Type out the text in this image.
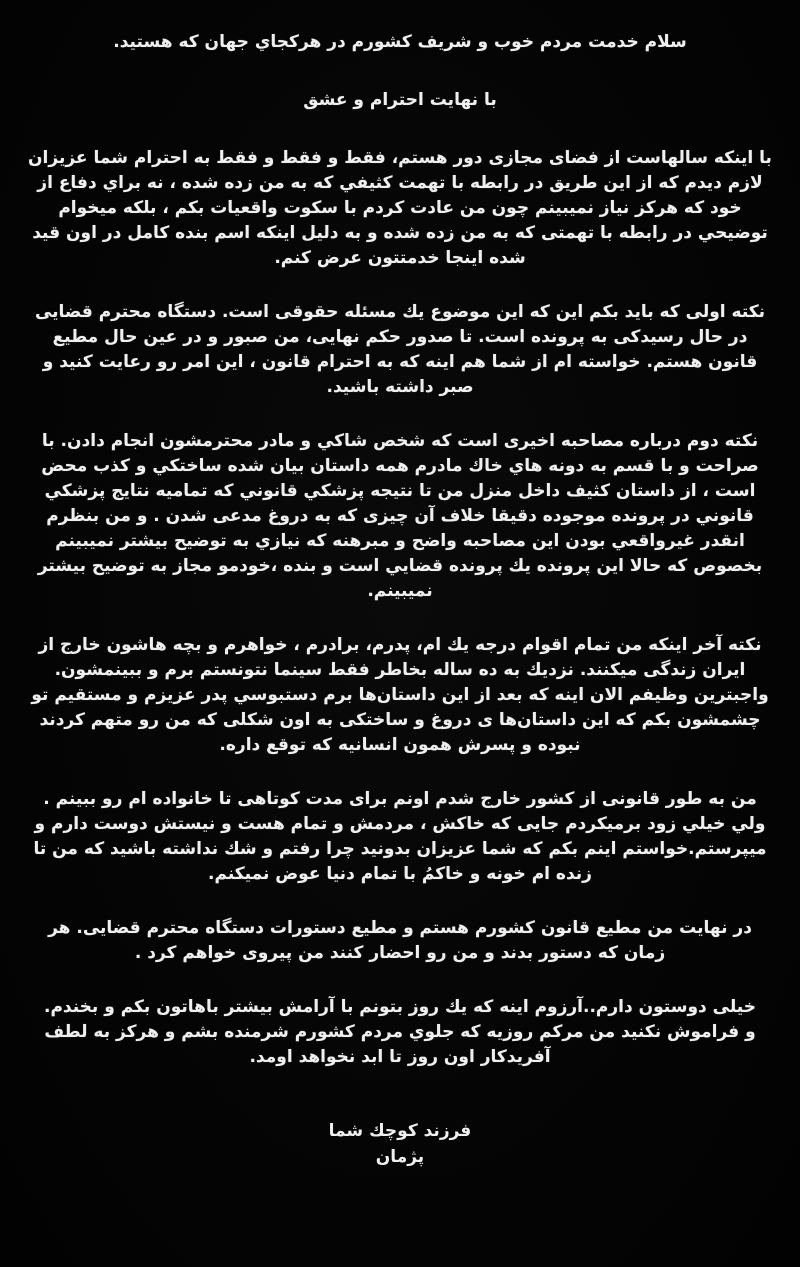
سلام خدمت مردم خوب و شريف كشورم در هركجاي جهان كه هستيد.

با نهايت احترام و عشق

با اينكه سالهاست از فضاى مجازى دور هستم، فقط و فقط و فقط به احترام شما عزيزان لازم ديدم كه از اين طريق در رابطه با تهمت كثيفي كه به من زده شده ، نه براي دفاع از خود كه هركز نياز نميبينم چون من عادت كردم با سكوت واقعيات بكم ، بلكه ميخوام توضيحي در رابطه با تهمتى كه به من زده شده و به دليل اينكه اسم بنده كامل در اون قيد شده اينجا خدمتتون عرض كنم.

نكته اولى كه بايد بكم اين كه اين موضوع يك مسئله حقوقى است. دستگاه محترم قضايى در حال رسيدكى به پرونده است. تا صدور حكم نهايى، من صبور و در عين حال مطيع قانون هستم. خواسته ام از شما هم اينه كه به احترام قانون ، اين امر رو رعايت كنيد و صبر داشته باشيد.

نكته دوم درباره مصاحبه اخيرى است كه شخص شاكي و مادر محترمشون انجام دادن. با صراحت و با قسم به دونه هاي خاك مادرم همه داستان بيان شده ساختكي و كذب محض است ، از داستان كثيف داخل منزل من تا نتيجه پزشكي قانوني كه تماميه نتايج پزشكي قانوني در پرونده موجوده دقيقا خلاف آن چيزى كه به دروغ مدعى شدن . و من بنظرم انقدر غيرواقعي بودن اين مصاحبه واضح و مبرهنه كه نيازي به توضيح بيشتر نميبينم بخصوص كه حالا اين پرونده يك پرونده قضايي است و بنده ،خودمو مجاز به توضيح بيشتر نميبينم.

نكته آخر اينكه من تمام اقوام درجه يك ام، پدرم، برادرم ، خواهرم و بچه هاشون خارج از ايران زندگى ميكنند. نزديك به ده ساله بخاطر فقط سينما نتونستم برم و ببينمشون. واجبترين وظيفم الان اينه كه بعد از اين داستان‌ها برم دستبوسي پدر عزيزم و مستقيم تو چشمشون بكم كه اين داستان‌ها ى دروغ و ساختكى به اون شكلى كه من رو متهم كردند نبوده و پسرش همون انسانيه كه توقع داره.

من به طور قانونى از كشور خارج شدم اونم براى مدت كوتاهى تا خانواده ام رو ببينم . ولي خيلي زود برميكردم جايى كه خاكش ، مردمش و تمام هست و نيستش دوست دارم و ميپرستم.خواستم اينم بكم كه شما عزيزان بدونيد چرا رفتم و شك نداشته باشيد كه من تا زنده ام خونه و خاكمُ با تمام دنيا عوض نميكنم.

در نهايت من مطيع قانون كشورم هستم و مطيع دستورات دستگاه محترم قضايى. هر زمان كه دستور بدند و من رو احضار كنند من پيروى خواهم كرد .

خيلى دوستون دارم..آرزوم اينه كه يك روز بتونم با آرامش بيشتر باهاتون بكم و بخندم.
و فراموش نكنيد من مركم روزيه كه جلوي مردم كشورم شرمنده بشم و هركز به لطف آفريدكار اون روز تا ابد نخواهد اومد.
فرزند كوچك شما
پژمان
